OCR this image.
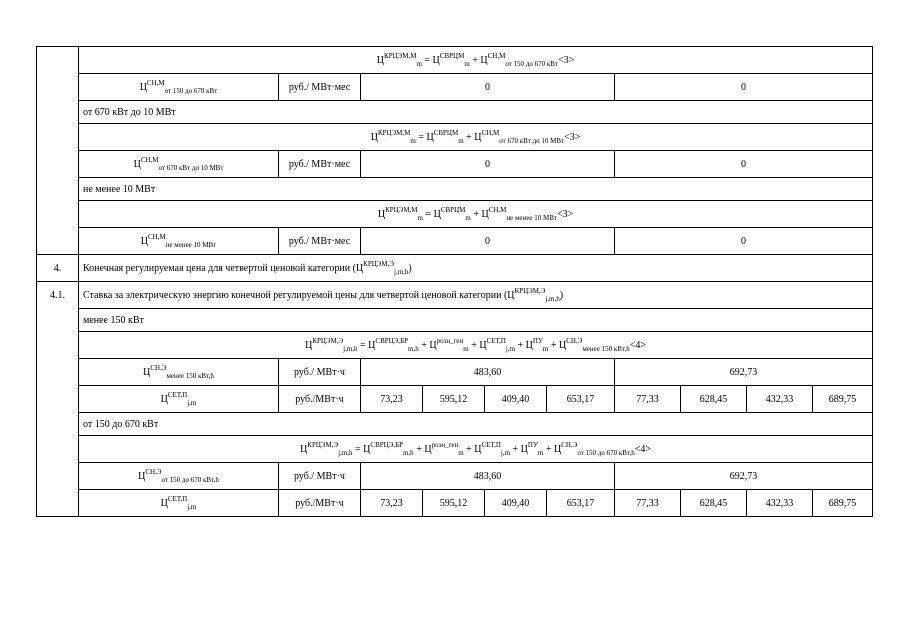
	$Ц^{КРЦЭМ,М}_m = Ц^{СВРЦМ}_m + Ц^{СН,М}_{от 150 до 670 кВт}<3>$									
	$Ц^{СН,М}_{от 150 до 670 кВт}$	руб./ МВт·мес	0				0			
	от 670 кВт до 10 МВт									
	$Ц^{КРЦЭМ,М}_m = Ц^{СВРЦМ}_m + Ц^{СН,М}_{от 670 кВт до 10 МВт}<3>$									
	$Ц^{СН,М}_{от 670 кВт до 10 МВт}$	руб./ МВт·мес	0				0			
	не менее 10 МВт									
	$Ц^{КРЦЭМ,М}_m = Ц^{СВРЦМ}_m + Ц^{СН,М}_{не менее 10 МВт}<3>$									
	$Ц^{СН,М}_{не менее 10 МВт}$	руб./ МВт·мес	0				0			
4.	Конечная регулируемая цена для четвертой ценовой категории $(Ц^{КРЦЭМ,Э}_{j,m,h})$									
4.1.	Ставка за электрическую энергию конечной регулируемой цены для четвертой ценовой категории $(Ц^{КРЦЭМ,Э}_{j,m,h})$									
	менее 150 кВт									
	$Ц^{КРЦЭМ,Э}_{j,m,h} = Ц^{СВРЦЭ,БР}_{m,h} + Ц^{розн\_ген}_m + Ц^{СЕТ,П}_{j,m} + Ц^{ПУ}_m + Ц^{СН,Э}_{менее 150 кВт,h}<4>$									
	$Ц^{СН,Э}_{менее 150 кВт,h}$	руб./ МВт·ч	483,60				692,73			
	$Ц^{СЕТ,П}_{j,m}$	руб./МВт·ч	73,23	595,12	409,40	653,17	77,33	628,45	432,33	689,75
	от 150 до 670 кВт									
	$Ц^{КРЦЭМ,Э}_{j,m,h} = Ц^{СВРЦЭ,БР}_{m,h} + Ц^{розн\_ген}_m + Ц^{СЕТ,П}_{j,m} + Ц^{ПУ}_m + Ц^{СН,Э}_{от 150 до 670 кВт,h}<4>$									
	$Ц^{СН,Э}_{от 150 до 670 кВт,h}$	руб./ МВт·ч	483,60				692,73			
	$Ц^{СЕТ,П}_{j,m}$	руб./МВт·ч	73,23	595,12	409,40	653,17	77,33	628,45	432,33	689,75
